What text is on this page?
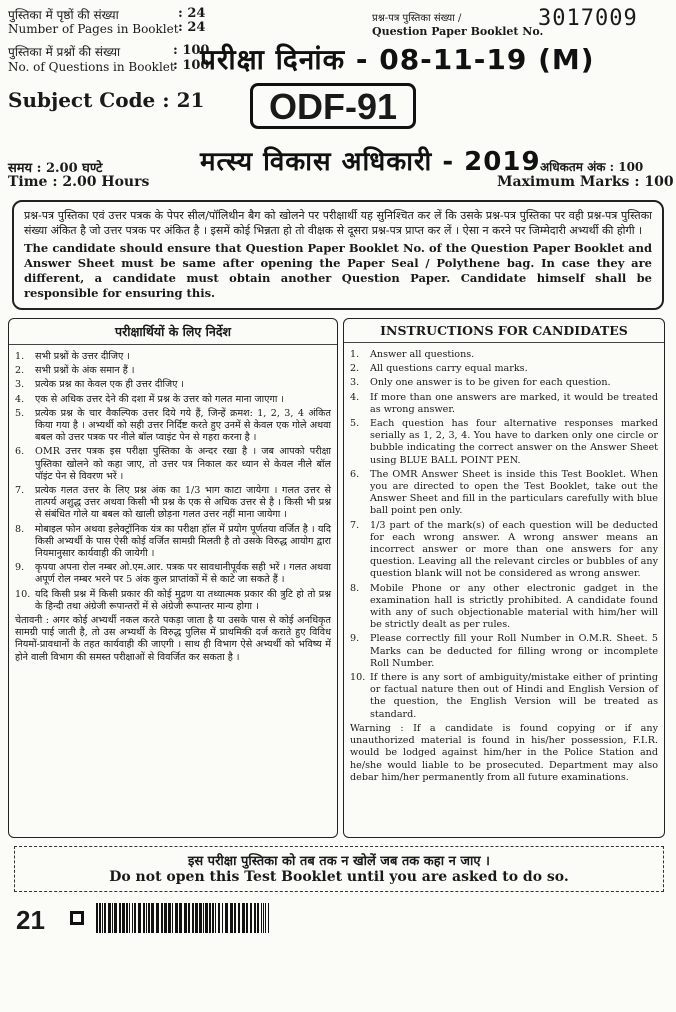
पुस्तिका में पृष्ठों की संख्या
Number of Pages in Booklet
: 24
: 24
पुस्तिका में प्रश्नों की संख्या
No. of Questions in Booklet
: 100
: 100
प्रश्न-पत्र पुस्तिका संख्या /
Question Paper Booklet No.
3017009
परीक्षा दिनांक - 08-11-19 (M)
Subject Code : 21	ODF-91
मत्स्य विकास अधिकारी - 2019
समय : 2.00 घण्टे
Time : 2.00 Hours
अधिकतम अंक : 100
Maximum Marks : 100
प्रश्न-पत्र पुस्तिका एवं उत्तर पत्रक के पेपर सील/पॉलिथीन बैग को खोलने पर परीक्षार्थी यह सुनिश्चित कर लें कि उसके प्रश्न-पत्र पुस्तिका पर वही प्रश्न-पत्र पुस्तिका संख्या अंकित है जो उत्तर पत्रक पर अंकित है । इसमें कोई भिन्नता हो तो वीक्षक से दूसरा प्रश्न-पत्र प्राप्त कर लें । ऐसा न करने पर जिम्मेदारी अभ्यर्थी की होगी ।
The candidate should ensure that Question Paper Booklet No. of the Question Paper Booklet and Answer Sheet must be same after opening the Paper Seal / Polythene bag. In case they are different, a candidate must obtain another Question Paper. Candidate himself shall be responsible for ensuring this.
परीक्षार्थियों के लिए निर्देश
1. सभी प्रश्नों के उत्तर दीजिए ।
2. सभी प्रश्नों के अंक समान हैं ।
3. प्रत्येक प्रश्न का केवल एक ही उत्तर दीजिए ।
4. एक से अधिक उत्तर देने की दशा में प्रश्न के उत्तर को गलत माना जाएगा ।
5. प्रत्येक प्रश्न के चार वैकल्पिक उत्तर दिये गये हैं, जिन्हें क्रमश: 1, 2, 3, 4 अंकित किया गया है । अभ्यर्थी को सही उत्तर निर्दिष्ट करते हुए उनमें से केवल एक गोले अथवा बबल को उत्तर पत्रक पर नीले बॉल प्वाइंट पेन से गहरा करना है ।
6. OMR उत्तर पत्रक इस परीक्षा पुस्तिका के अन्दर रखा है । जब आपको परीक्षा पुस्तिका खोलने को कहा जाए, तो उत्तर पत्र निकाल कर ध्यान से केवल नीले बॉल पॉइंट पेन से विवरण भरें ।
7. प्रत्येक गलत उत्तर के लिए प्रश्न अंक का 1/3 भाग काटा जायेगा । गलत उत्तर से तात्पर्य अशुद्ध उत्तर अथवा किसी भी प्रश्न के एक से अधिक उत्तर से है । किसी भी प्रश्न से संबंधित गोले या बबल को खाली छोड़ना गलत उत्तर नहीं माना जायेगा ।
8. मोबाइल फोन अथवा इलेक्ट्रॉनिक यंत्र का परीक्षा हॉल में प्रयोग पूर्णतया वर्जित है । यदि किसी अभ्यर्थी के पास ऐसी कोई वर्जित सामग्री मिलती है तो उसके विरुद्ध आयोग द्वारा नियमानुसार कार्यवाही की जायेगी ।
9. कृपया अपना रोल नम्बर ओ.एम.आर. पत्रक पर सावधानीपूर्वक सही भरें । गलत अथवा अपूर्ण रोल नम्बर भरने पर 5 अंक कुल प्राप्तांकों में से काटे जा सकते हैं ।
10. यदि किसी प्रश्न में किसी प्रकार की कोई मुद्रण या तथ्यात्मक प्रकार की त्रुटि हो तो प्रश्न के हिन्दी तथा अंग्रेजी रूपान्तरों में से अंग्रेजी रूपान्तर मान्य होगा ।
चेतावनी : अगर कोई अभ्यर्थी नकल करते पकड़ा जाता है या उसके पास से कोई अनधिकृत सामग्री पाई जाती है, तो उस अभ्यर्थी के विरुद्ध पुलिस में प्राथमिकी दर्ज कराते हुए विविध नियमों-प्रावधानों के तहत कार्यवाही की जाएगी । साथ ही विभाग ऐसे अभ्यर्थी को भविष्य में होने वाली विभाग की समस्त परीक्षाओं से विवर्जित कर सकता है ।
INSTRUCTIONS FOR CANDIDATES
1. Answer all questions.
2. All questions carry equal marks.
3. Only one answer is to be given for each question.
4. If more than one answers are marked, it would be treated as wrong answer.
5. Each question has four alternative responses marked serially as 1, 2, 3, 4. You have to darken only one circle or bubble indicating the correct answer on the Answer Sheet using BLUE BALL POINT PEN.
6. The OMR Answer Sheet is inside this Test Booklet. When you are directed to open the Test Booklet, take out the Answer Sheet and fill in the particulars carefully with blue ball point pen only.
7. 1/3 part of the mark(s) of each question will be deducted for each wrong answer. A wrong answer means an incorrect answer or more than one answers for any question. Leaving all the relevant circles or bubbles of any question blank will not be considered as wrong answer.
8. Mobile Phone or any other electronic gadget in the examination hall is strictly prohibited. A candidate found with any of such objectionable material with him/her will be strictly dealt as per rules.
9. Please correctly fill your Roll Number in O.M.R. Sheet. 5 Marks can be deducted for filling wrong or incomplete Roll Number.
10. If there is any sort of ambiguity/mistake either of printing or factual nature then out of Hindi and English Version of the question, the English Version will be treated as standard.
Warning : If a candidate is found copying or if any unauthorized material is found in his/her possession, F.I.R. would be lodged against him/her in the Police Station and he/she would liable to be prosecuted. Department may also debar him/her permanently from all future examinations.
इस परीक्षा पुस्तिका को तब तक न खोलें जब तक कहा न जाए ।
Do not open this Test Booklet until you are asked to do so.
21
